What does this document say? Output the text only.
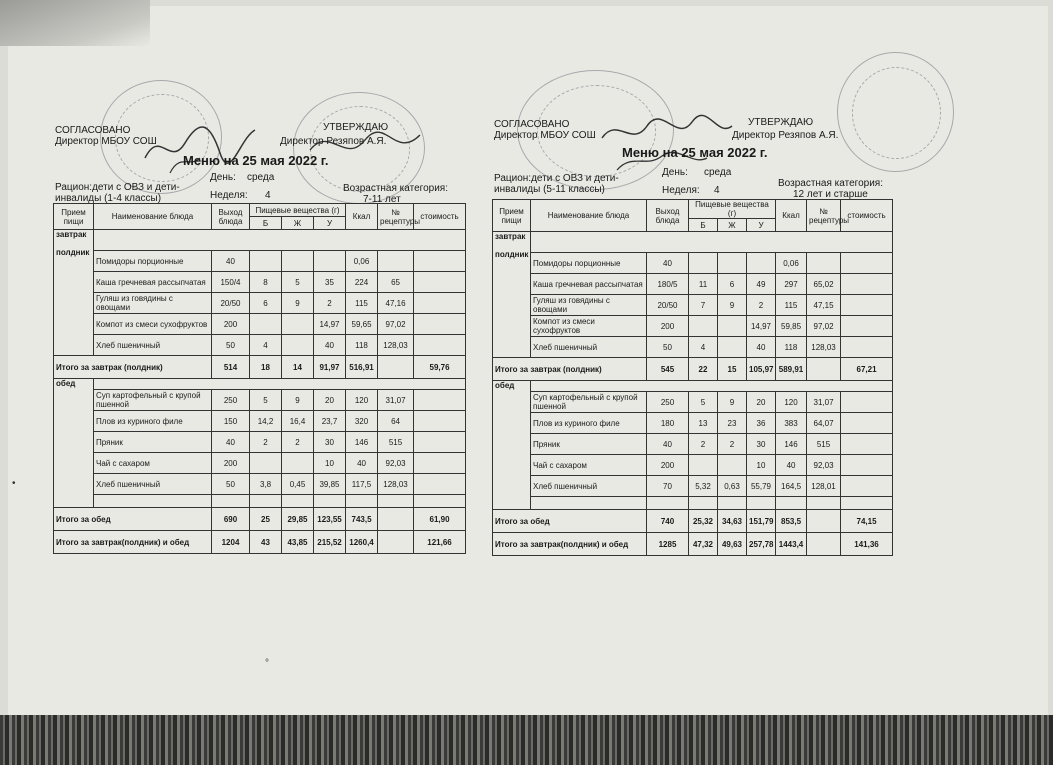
СОГЛАСОВАНО
Директор МБОУ СОШ
УТВЕРЖДАЮ
Директор Резяпов А.Я.
Меню на 25 мая 2022 г.
Рацион:дети с ОВЗ и дети-инвалиды (1-4 классы)
День: среда
Неделя: 4
Возрастная категория:
7-11 лет
Прием пищи	Наименование блюда	Выход блюда	Пищевые вещества (г)			Ккал	№ рецептуры	стоимость
			Б	Ж	У			
завтрак

полдник								
	Помидоры порционные	40				0,06		
	Каша гречневая рассыпчатая	150/4	8	5	35	224	65	
	Гуляш из говядины с овощами	20/50	6	9	2	115	47,16	
	Компот из смеси сухофруктов	200			14,97	59,65	97,02	
	Хлеб пшеничный	50	4		40	118	128,03	
Итого за завтрак (полдник)		514	18	14	91,97	516,91		59,76
обед								
	Суп картофельный с крупой пшенной	250	5	9	20	120	31,07	
	Плов из куриного филе	150	14,2	16,4	23,7	320	64	
	Пряник	40	2	2	30	146	515	
	Чай с сахаром	200			10	40	92,03	
	Хлеб пшеничный	50	3,8	0,45	39,85	117,5	128,03	

Итого за обед		690	25	29,85	123,55	743,5		61,90
Итого за завтрак(полдник) и обед		1204	43	43,85	215,52	1260,4		121,66
СОГЛАСОВАНО
Директор МБОУ СОШ
УТВЕРЖДАЮ
Директор Резяпов А.Я.
Меню на 25 мая 2022 г.
Рацион:дети с ОВЗ и дети-инвалиды (5-11 классы)
День: среда
Неделя: 4
Возрастная категория:
12 лет и старше
Прием пищи	Наименование блюда	Выход блюда	Пищевые вещества (г)			Ккал	№ рецептуры	стоимость
			Б	Ж	У			
завтрак

полдник								
	Помидоры порционные	40				0,06		
	Каша гречневая рассыпчатая	180/5	11	6	49	297	65,02	
	Гуляш из говядины с овощами	20/50	7	9	2	115	47,15	
	Компот из смеси сухофруктов	200			14,97	59,85	97,02	
	Хлеб пшеничный	50	4		40	118	128,03	
Итого за завтрак (полдник)		545	22	15	105,97	589,91		67,21
обед								
	Суп картофельный с крупой пшенной	250	5	9	20	120	31,07	
	Плов из куриного филе	180	13	23	36	383	64,07	
	Пряник	40	2	2	30	146	515	
	Чай с сахаром	200			10	40	92,03	
	Хлеб пшеничный	70	5,32	0,63	55,79	164,5	128,01	

Итого за обед		740	25,32	34,63	151,79	853,5		74,15
Итого за завтрак(полдник) и обед		1285	47,32	49,63	257,78	1443,4		141,36
•
°
